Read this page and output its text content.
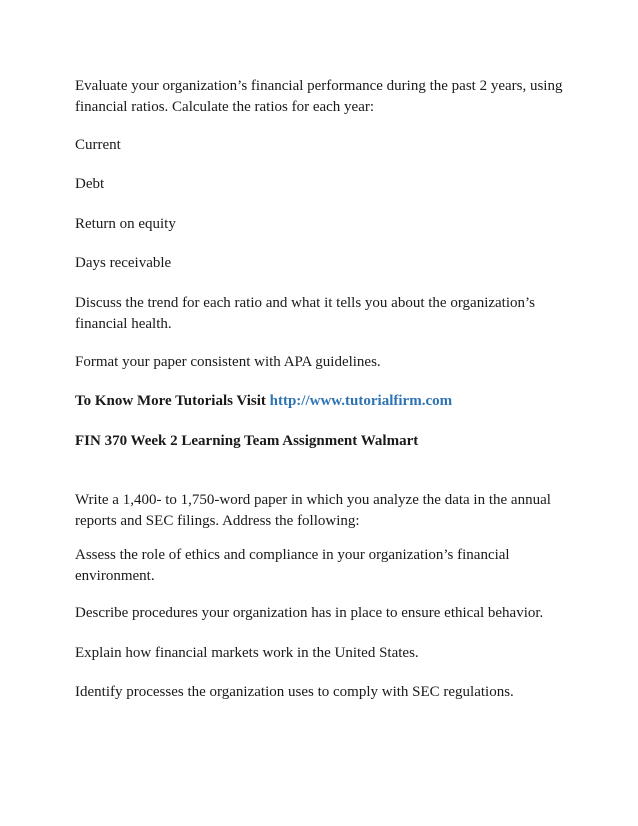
Evaluate your organization’s financial performance during the past 2 years, using financial ratios. Calculate the ratios for each year:

Current

Debt

Return on equity

Days receivable

Discuss the trend for each ratio and what it tells you about the organization’s financial health.

Format your paper consistent with APA guidelines.

To Know More Tutorials Visit http://www.tutorialfirm.com

FIN 370 Week 2 Learning Team Assignment Walmart

Write a 1,400- to 1,750-word paper in which you analyze the data in the annual reports and SEC filings. Address the following:

Assess the role of ethics and compliance in your organization’s financial environment.

Describe procedures your organization has in place to ensure ethical behavior.

Explain how financial markets work in the United States.

Identify processes the organization uses to comply with SEC regulations.
